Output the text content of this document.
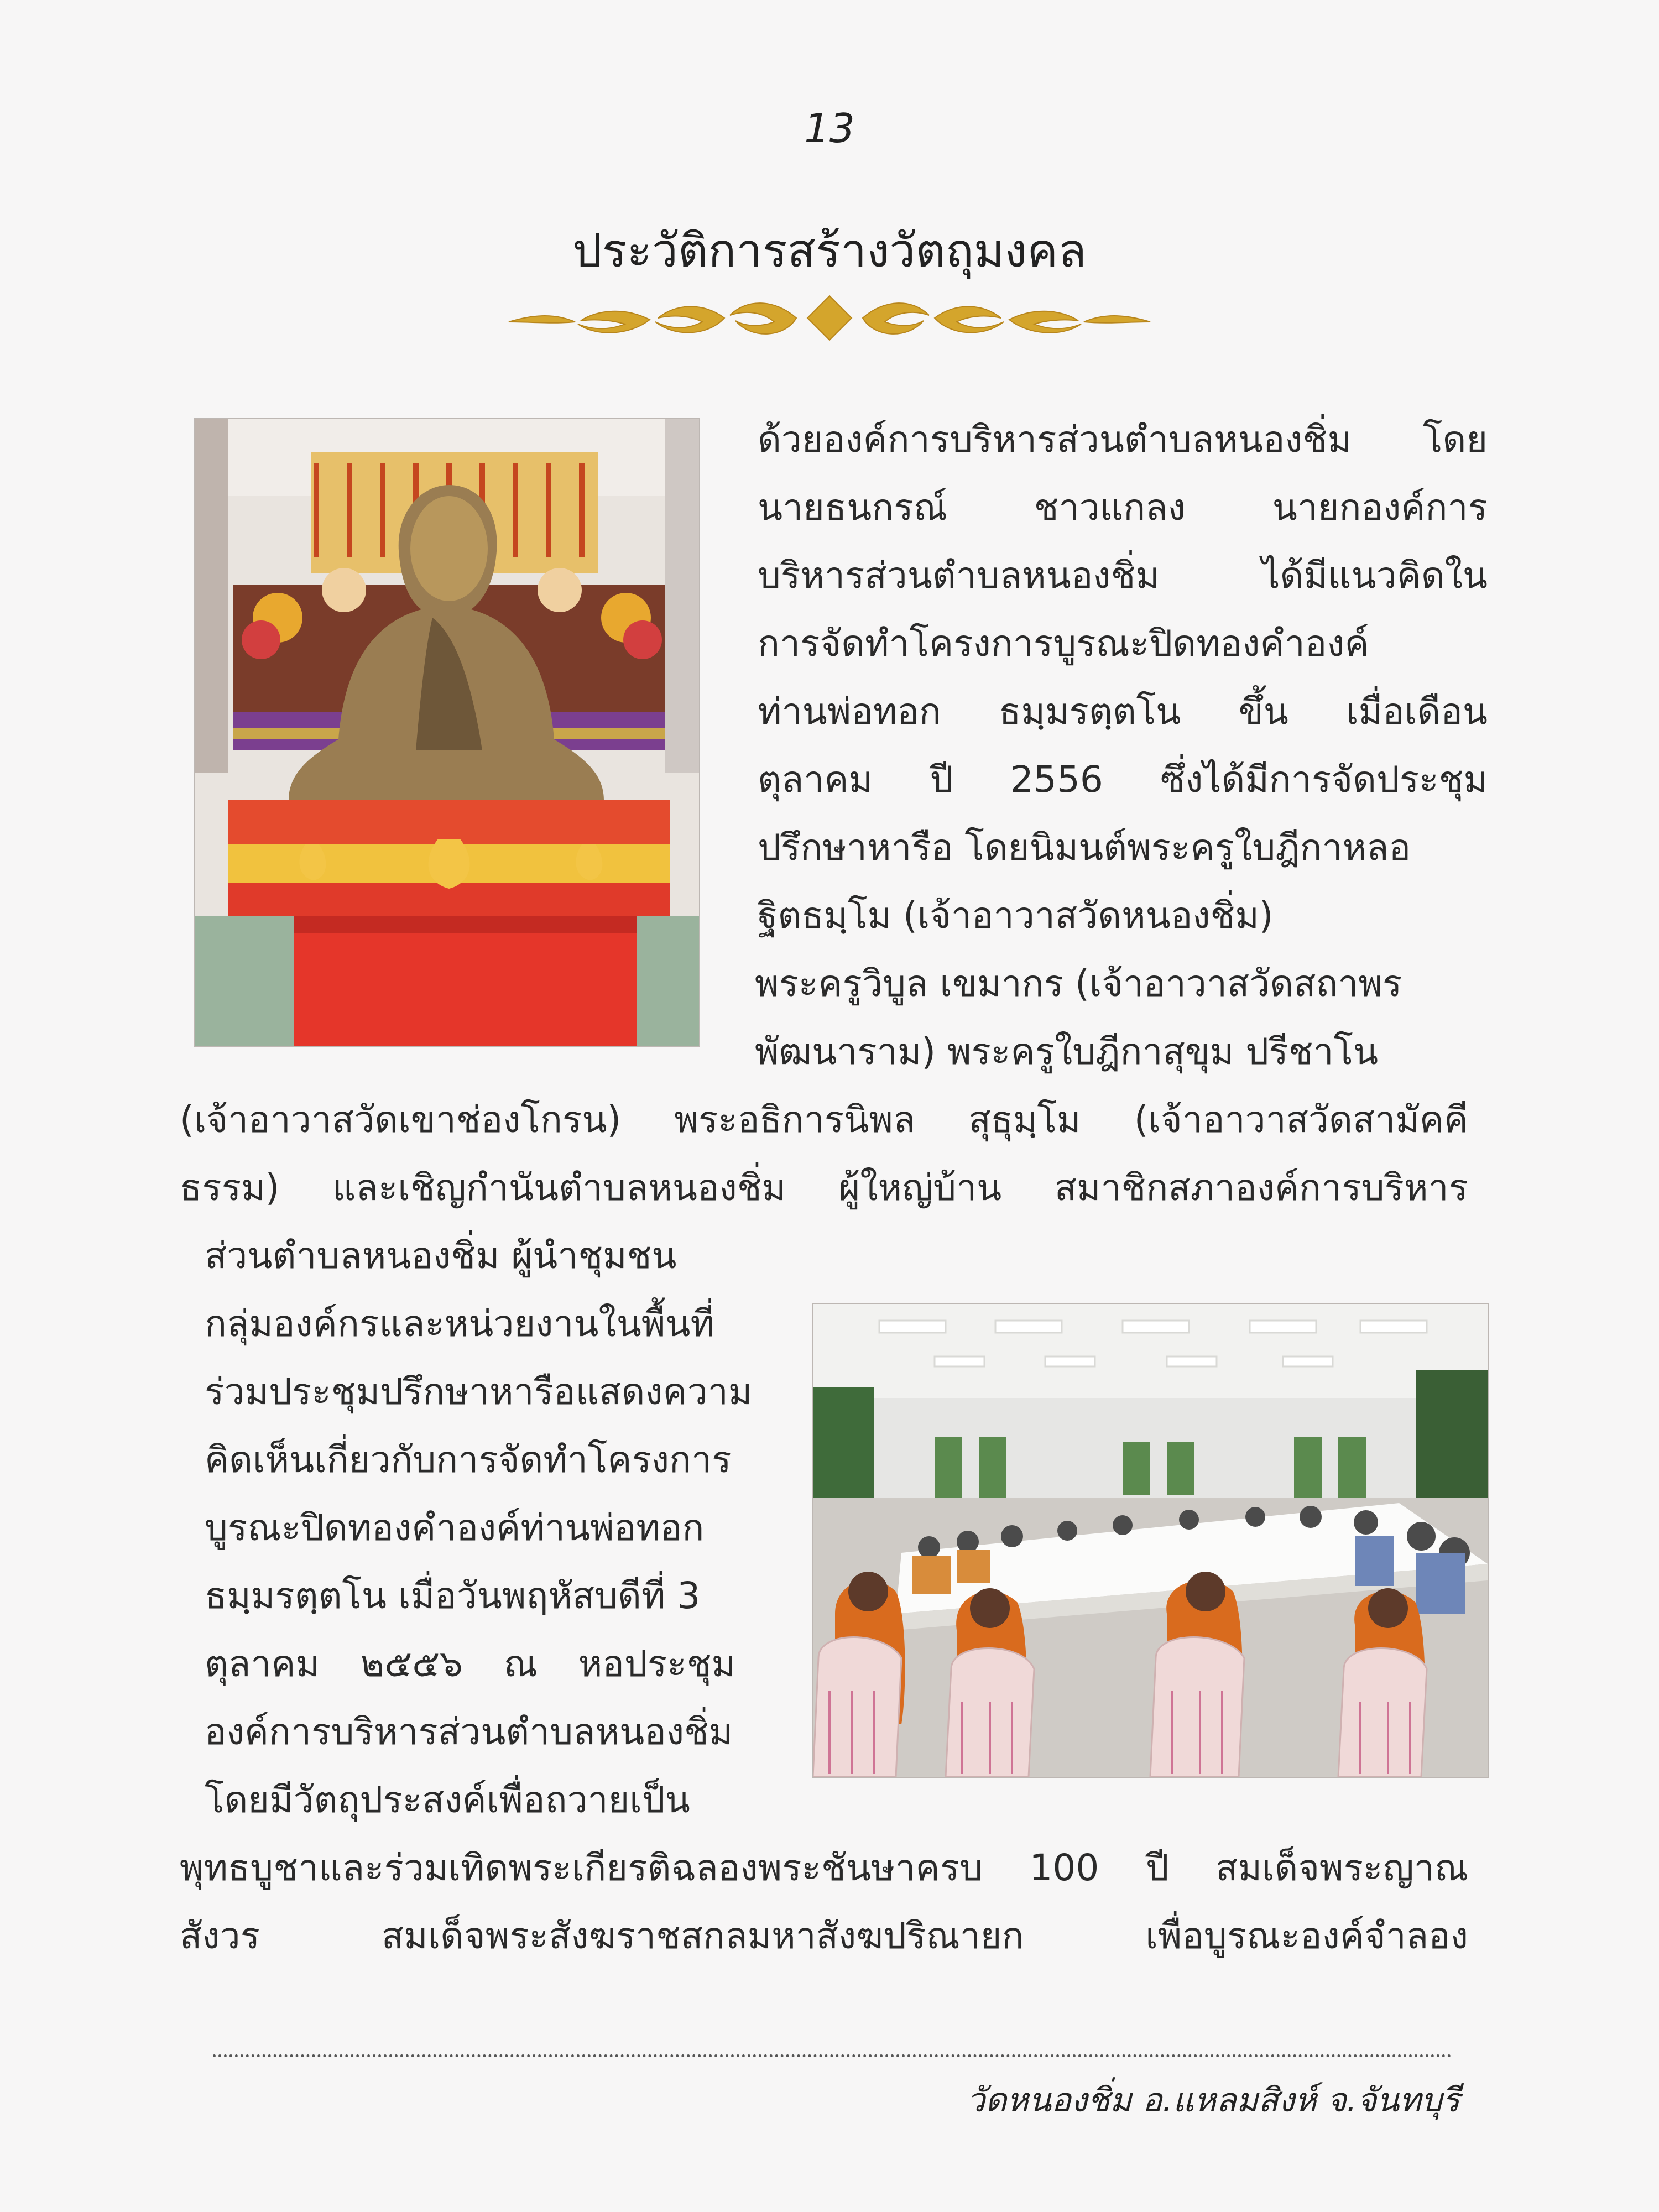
13
ประวัติการสร้างวัตถุมงคล
ด้วยองค์การบริหารส่วนตำบลหนองชิ่ม โดย
นายธนกรณ์ ชาวแกลง นายกองค์การ
บริหารส่วนตำบลหนองชิ่ม ได้มีแนวคิดใน
การจัดทำโครงการบูรณะปิดทองคำองค์
ท่านพ่อทอก ธมฺมรตฺตโน ขึ้น เมื่อเดือน
ตุลาคม ปี 2556 ซึ่งได้มีการจัดประชุม
ปรึกษาหารือ โดยนิมนต์พระครูใบฎีกาหลอ
ฐิตธมฺโม (เจ้าอาวาสวัดหนองชิ่ม)
พระครูวิบูล เขมากร (เจ้าอาวาสวัดสถาพร
พัฒนาราม) พระครูใบฎีกาสุขุม ปรีชาโน
(เจ้าอาวาสวัดเขาช่องโกรน) พระอธิการนิพล สุธุมฺโม (เจ้าอาวาสวัดสามัคคี
ธรรม) และเชิญกำนันตำบลหนองชิ่ม ผู้ใหญ่บ้าน สมาชิกสภาองค์การบริหาร
ส่วนตำบลหนองชิ่ม ผู้นำชุมชน
กลุ่มองค์กรและหน่วยงานในพื้นที่
ร่วมประชุมปรึกษาหารือแสดงความ
คิดเห็นเกี่ยวกับการจัดทำโครงการ
บูรณะปิดทองคำองค์ท่านพ่อทอก
ธมฺมรตฺตโน เมื่อวันพฤหัสบดีที่ 3
ตุลาคม ๒๕๕๖ ณ หอประชุม
องค์การบริหารส่วนตำบลหนองชิ่ม
โดยมีวัตถุประสงค์เพื่อถวายเป็น
พุทธบูชาและร่วมเทิดพระเกียรติฉลองพระชันษาครบ 100 ปี สมเด็จพระญาณ
สังวร สมเด็จพระสังฆราชสกลมหาสังฆปริณายก เพื่อบูรณะองค์จำลอง
วัดหนองชิ่ม อ.แหลมสิงห์ จ.จันทบุรี
